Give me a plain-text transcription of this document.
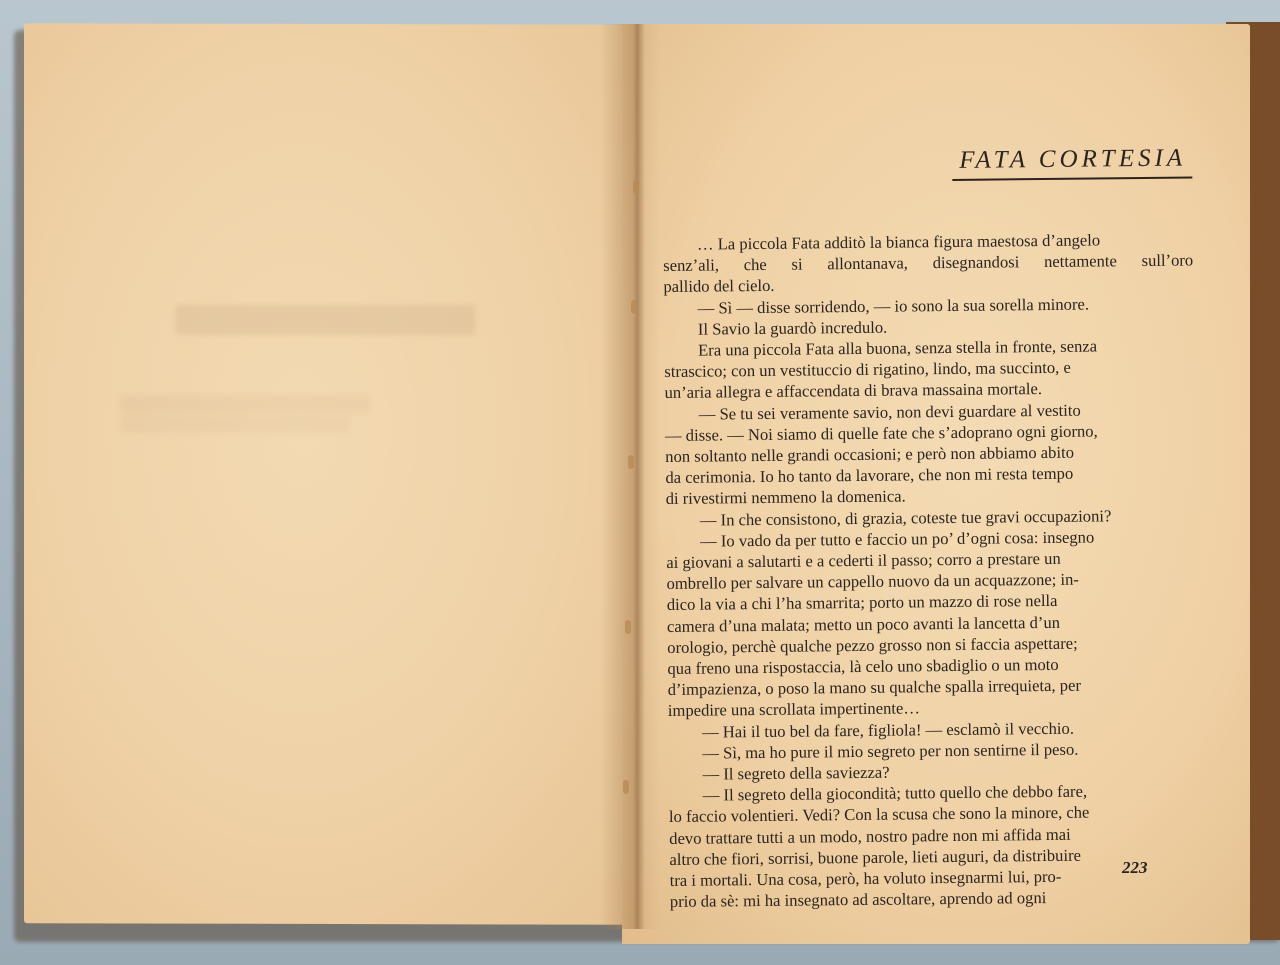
FATA CORTESIA
… La piccola Fata additò la bianca figura maestosa d’angelo
senz’ali, che si allontanava, disegnandosi nettamente sull’oro
pallido del cielo.
— Sì — disse sorridendo, — io sono la sua sorella minore.
Il Savio la guardò incredulo.
Era una piccola Fata alla buona, senza stella in fronte, senza
strascico; con un vestituccio di rigatino, lindo, ma succinto, e
un’aria allegra e affaccendata di brava massaina mortale.
— Se tu sei veramente savio, non devi guardare al vestito
— disse. — Noi siamo di quelle fate che s’adoprano ogni giorno,
non soltanto nelle grandi occasioni; e però non abbiamo abito
da cerimonia. Io ho tanto da lavorare, che non mi resta tempo
di rivestirmi nemmeno la domenica.
— In che consistono, di grazia, coteste tue gravi occupazioni?
— Io vado da per tutto e faccio un po’ d’ogni cosa: insegno
ai giovani a salutarti e a cederti il passo; corro a prestare un
ombrello per salvare un cappello nuovo da un acquazzone; in-
dico la via a chi l’ha smarrita; porto un mazzo di rose nella
camera d’una malata; metto un poco avanti la lancetta d’un
orologio, perchè qualche pezzo grosso non si faccia aspettare;
qua freno una rispostaccia, là celo uno sbadiglio o un moto
d’impazienza, o poso la mano su qualche spalla irrequieta, per
impedire una scrollata impertinente…
— Hai il tuo bel da fare, figliola! — esclamò il vecchio.
— Sì, ma ho pure il mio segreto per non sentirne il peso.
— Il segreto della saviezza?
— Il segreto della giocondità; tutto quello che debbo fare,
lo faccio volentieri. Vedi? Con la scusa che sono la minore, che
devo trattare tutti a un modo, nostro padre non mi affida mai
altro che fiori, sorrisi, buone parole, lieti auguri, da distribuire
tra i mortali. Una cosa, però, ha voluto insegnarmi lui, pro-
prio da sè: mi ha insegnato ad ascoltare, aprendo ad ogni
223
